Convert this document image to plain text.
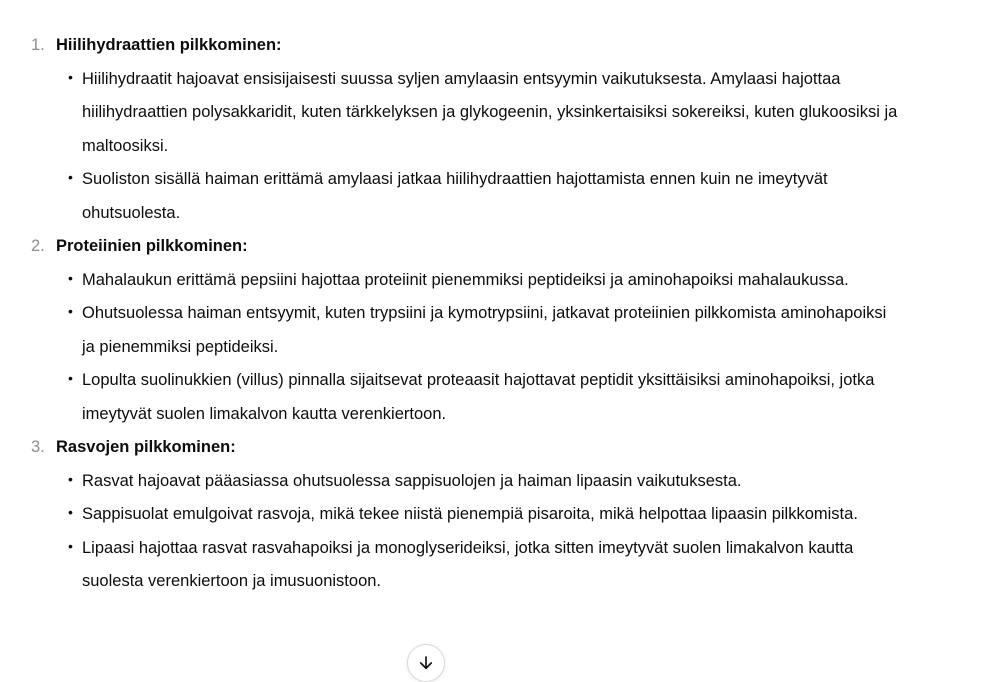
1. Hiilihydraattien pilkkominen:
• Hiilihydraatit hajoavat ensisijaisesti suussa syljen amylaasin entsyymin vaikutuksesta. Amylaasi hajottaa hiilihydraattien polysakkaridit, kuten tärkkelyksen ja glykogeenin, yksinkertaisiksi sokereiksi, kuten glukoosiksi ja maltoosiksi.
• Suoliston sisällä haiman erittämä amylaasi jatkaa hiilihydraattien hajottamista ennen kuin ne imeytyvät ohutsuolesta.
2. Proteiinien pilkkominen:
• Mahalaukun erittämä pepsiini hajottaa proteiinit pienemmiksi peptideiksi ja aminohapoiksi mahalaukussa.
• Ohutsuolessa haiman entsyymit, kuten trypsiini ja kymotrypsiini, jatkavat proteiinien pilkkomista aminohapoiksi ja pienemmiksi peptideiksi.
• Lopulta suolinukkien (villus) pinnalla sijaitsevat proteaasit hajottavat peptidit yksittäisiksi aminohapoiksi, jotka imeytyvät suolen limakalvon kautta verenkiertoon.
3. Rasvojen pilkkominen:
• Rasvat hajoavat pääasiassa ohutsuolessa sappisuolojen ja haiman lipaasin vaikutuksesta.
• Sappisuolat emulgoivat rasvoja, mikä tekee niistä pienempiä pisaroita, mikä helpottaa lipaasin pilkkomista.
• Lipaasi hajottaa rasvat rasvahapoiksi ja monoglyserideiksi, jotka sitten imeytyvät suolen limakalvon kautta suolesta verenkiertoon ja imusuonistoon.
